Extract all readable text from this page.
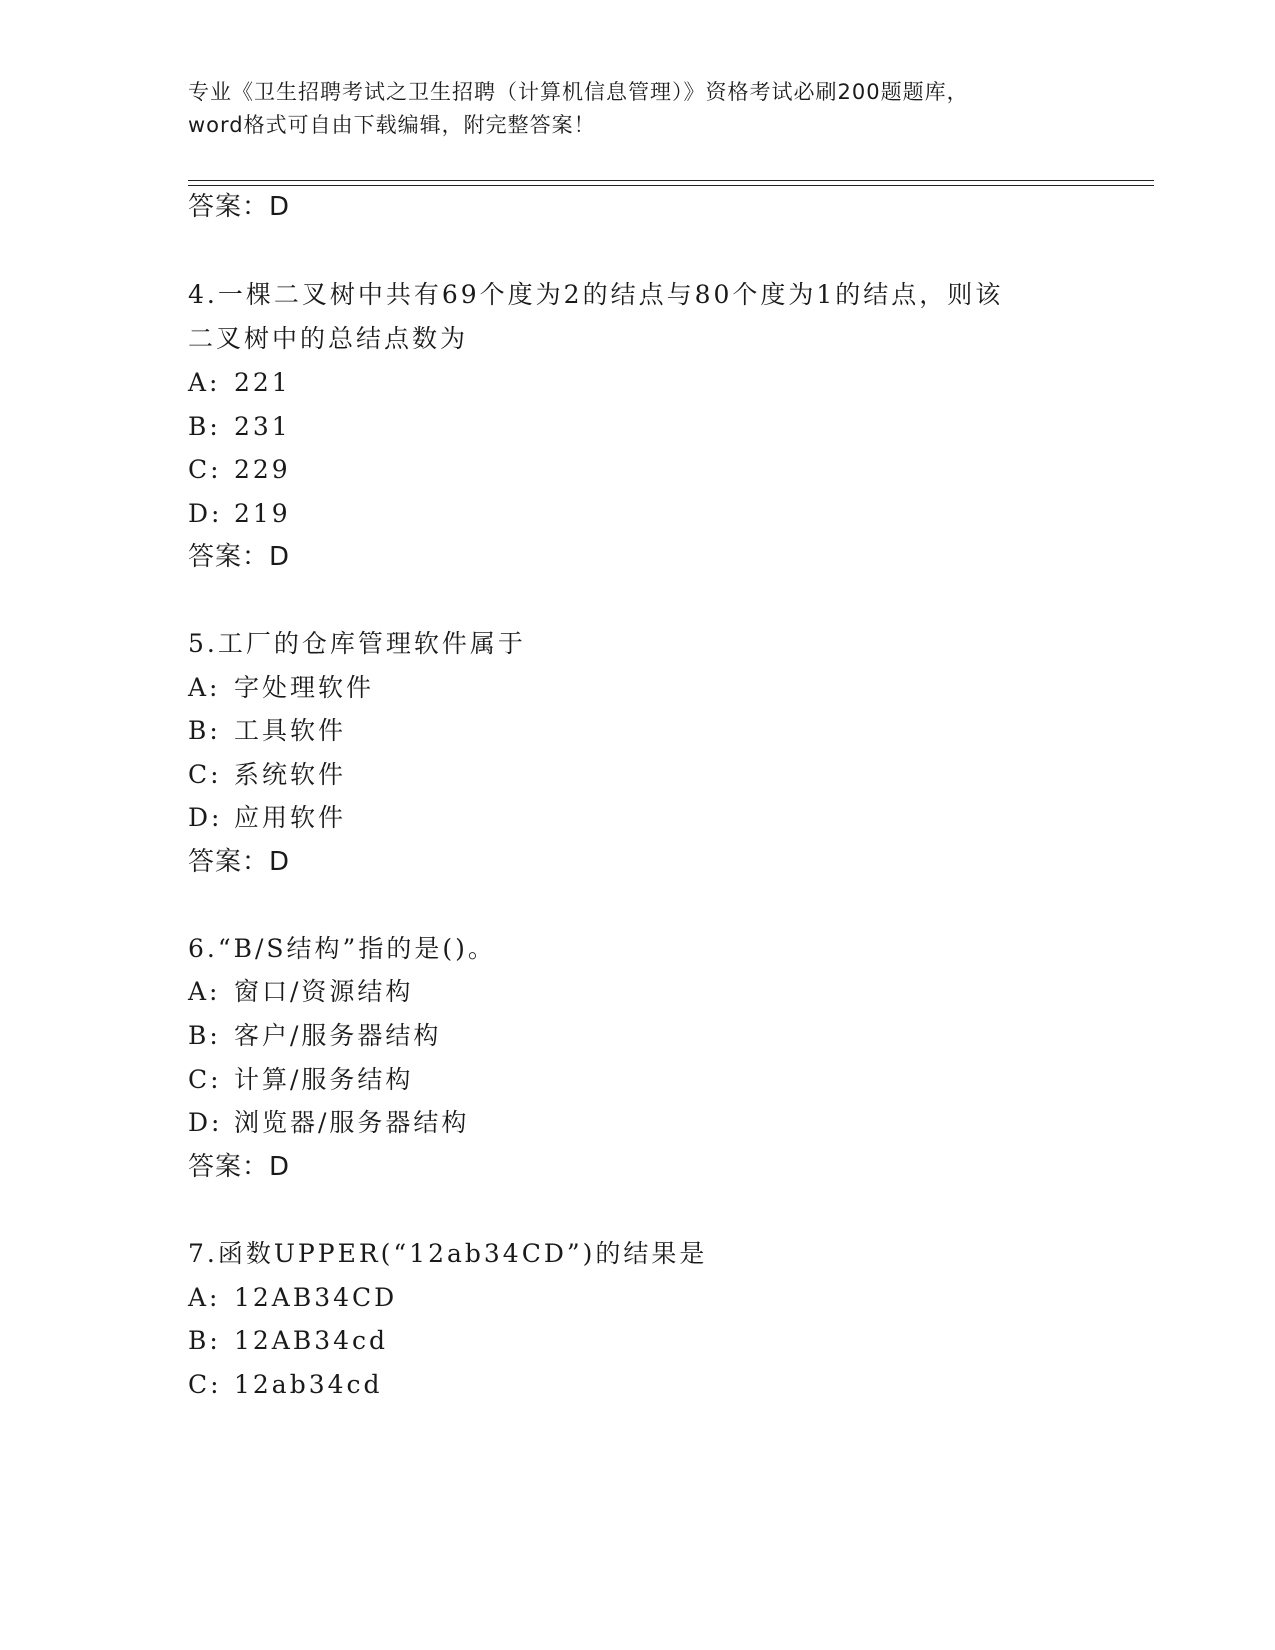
专业《卫生招聘考试之卫生招聘（计算机信息管理）》资格考试必刷200题题库，
word格式可自由下载编辑，附完整答案！
答案：D
4.一棵二叉树中共有69个度为2的结点与80个度为1的结点，则该
二叉树中的总结点数为
A: 221
B: 231
C: 229
D: 219
答案：D
5.工厂的仓库管理软件属于
A: 字处理软件
B: 工具软件
C: 系统软件
D: 应用软件
答案：D
6.“B/S结构”指的是()。
A: 窗口/资源结构
B: 客户/服务器结构
C: 计算/服务结构
D: 浏览器/服务器结构
答案：D
7.函数UPPER(“12ab34CD”)的结果是
A: 12AB34CD
B: 12AB34cd
C: 12ab34cd
